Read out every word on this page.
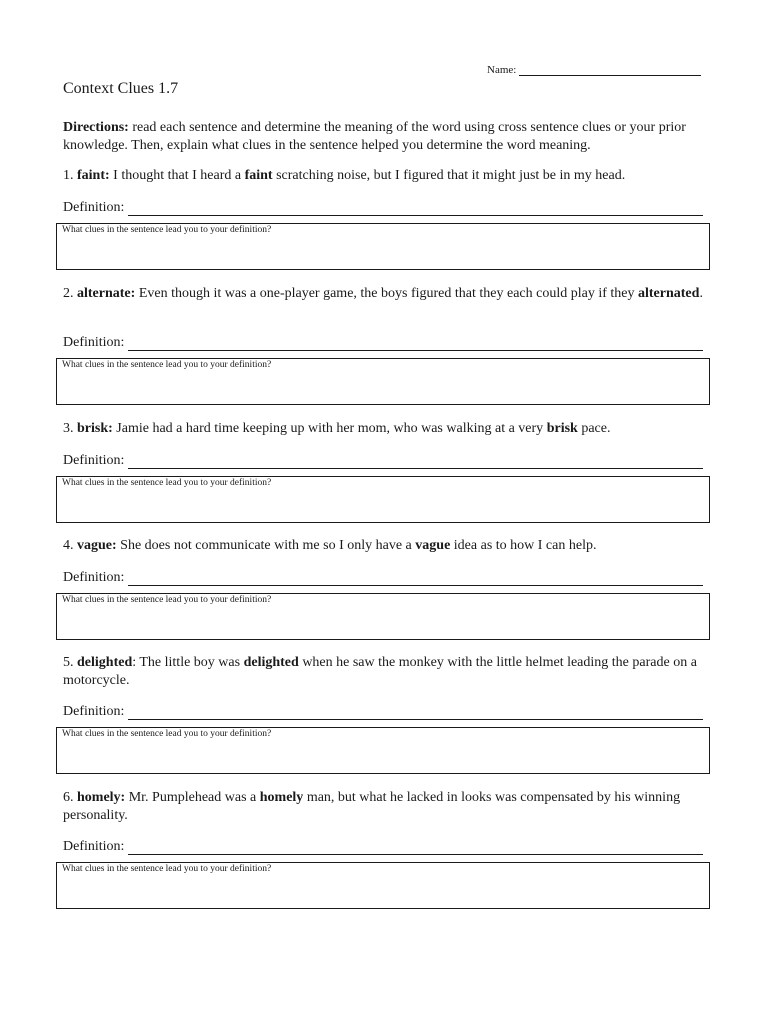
Name:
Context Clues 1.7
Directions: read each sentence and determine the meaning of the word using cross sentence clues or your prior knowledge. Then, explain what clues in the sentence helped you determine the word meaning.

1. faint: I thought that I heard a faint scratching noise, but I figured that it might just be in my head.

Definition:
What clues in the sentence lead you to your definition?

2. alternate: Even though it was a one-player game, the boys figured that they each could play if they alternated.

Definition:
What clues in the sentence lead you to your definition?

3. brisk: Jamie had a hard time keeping up with her mom, who was walking at a very brisk pace.

Definition:
What clues in the sentence lead you to your definition?

4. vague: She does not communicate with me so I only have a vague idea as to how I can help.

Definition:
What clues in the sentence lead you to your definition?

5. delighted: The little boy was delighted when he saw the monkey with the little helmet leading the parade on a motorcycle.

Definition:
What clues in the sentence lead you to your definition?

6. homely: Mr. Pumplehead was a homely man, but what he lacked in looks was compensated by his winning personality.

Definition:
What clues in the sentence lead you to your definition?
